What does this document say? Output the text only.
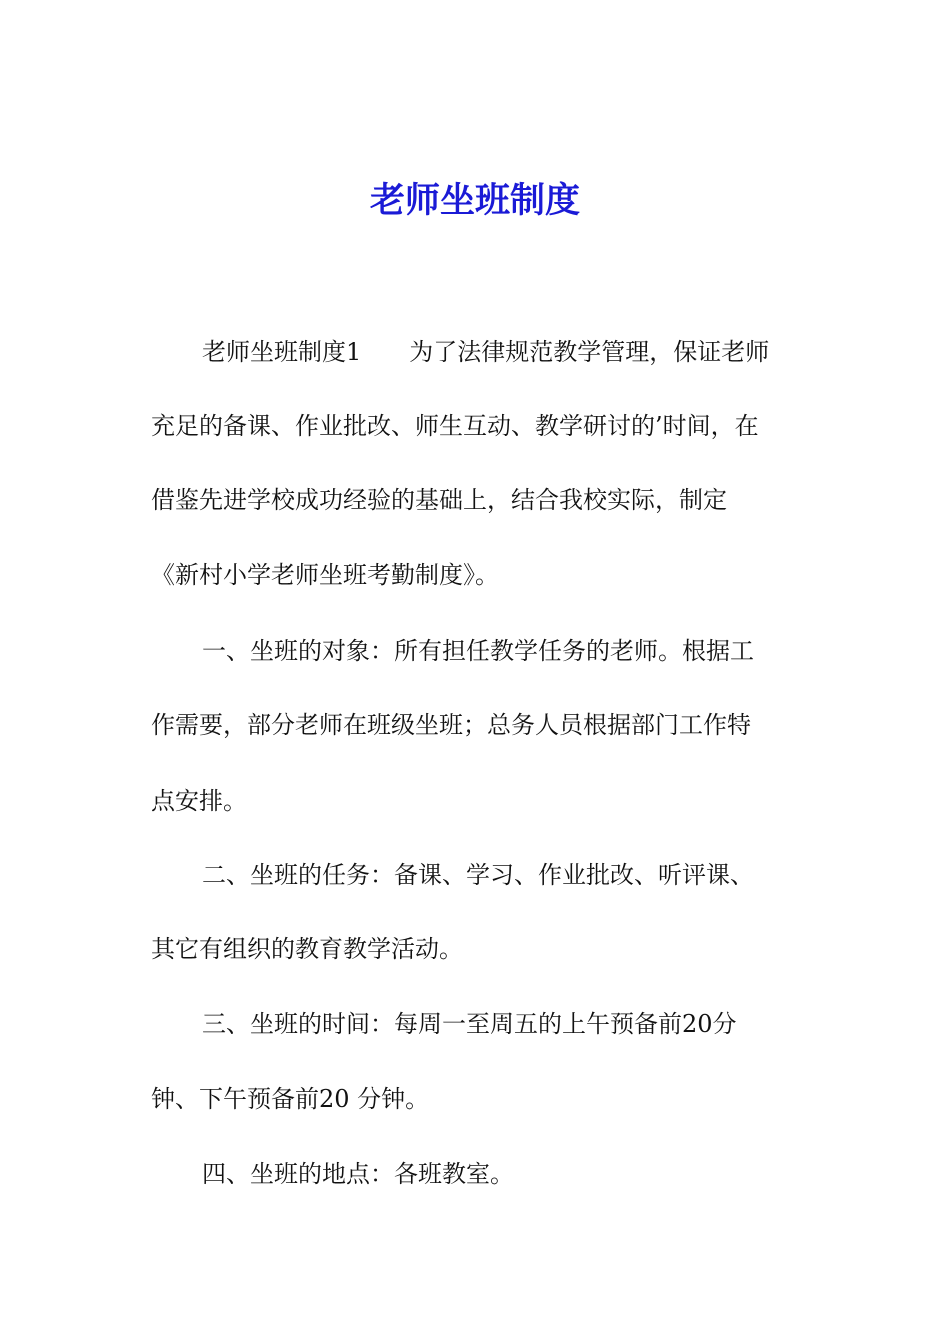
老师坐班制度
老师坐班制度1　　为了法律规范教学管理，保证老师
充足的备课、作业批改、师生互动、教学研讨的’时间，在
借鉴先进学校成功经验的基础上，结合我校实际，制定
《新村小学老师坐班考勤制度》。
一、坐班的对象：所有担任教学任务的老师。根据工
作需要，部分老师在班级坐班；总务人员根据部门工作特
点安排。
二、坐班的任务：备课、学习、作业批改、听评课、
其它有组织的教育教学活动。
三、坐班的时间：每周一至周五的上午预备前20分
钟、下午预备前20 分钟。
四、坐班的地点：各班教室。
